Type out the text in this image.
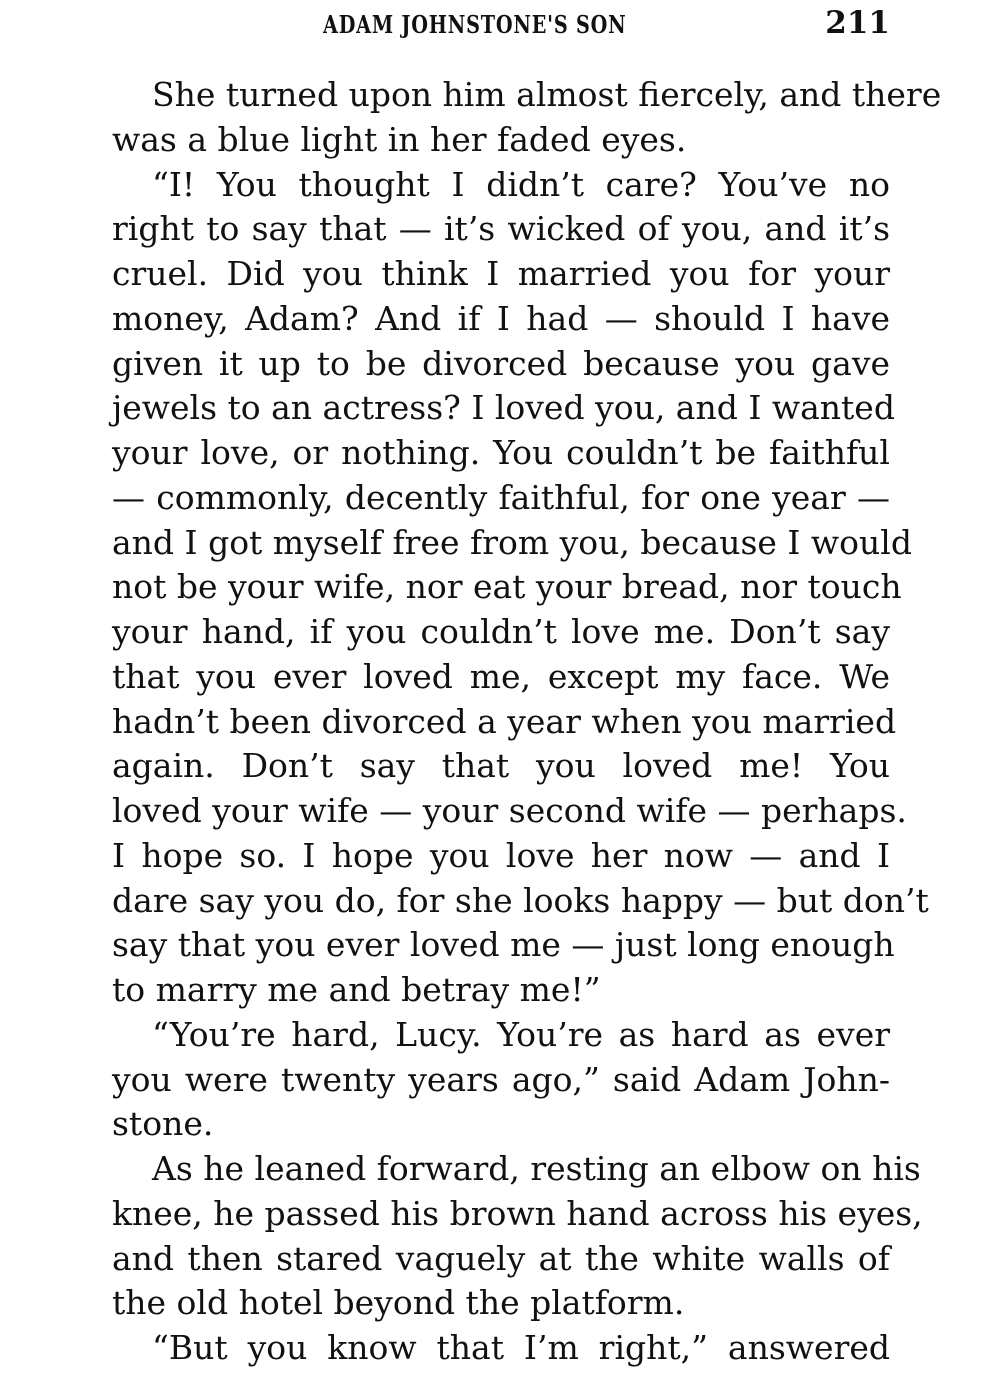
ADAM JOHNSTONE'S SON	211
She turned upon him almost fiercely, and there
was a blue light in her faded eyes.
“I! You thought I didn’t care? You’ve no
right to say that — it’s wicked of you, and it’s
cruel. Did you think I married you for your
money, Adam? And if I had — should I have
given it up to be divorced because you gave
jewels to an actress? I loved you, and I wanted
your love, or nothing. You couldn’t be faithful
— commonly, decently faithful, for one year —
and I got myself free from you, because I would
not be your wife, nor eat your bread, nor touch
your hand, if you couldn’t love me. Don’t say
that you ever loved me, except my face. We
hadn’t been divorced a year when you married
again. Don’t say that you loved me! You
loved your wife — your second wife — perhaps.
I hope so. I hope you love her now — and I
dare say you do, for she looks happy — but don’t
say that you ever loved me — just long enough
to marry me and betray me!”
“You’re hard, Lucy. You’re as hard as ever
you were twenty years ago,” said Adam John-
stone.
As he leaned forward, resting an elbow on his
knee, he passed his brown hand across his eyes,
and then stared vaguely at the white walls of
the old hotel beyond the platform.
“But you know that I’m right,” answered
